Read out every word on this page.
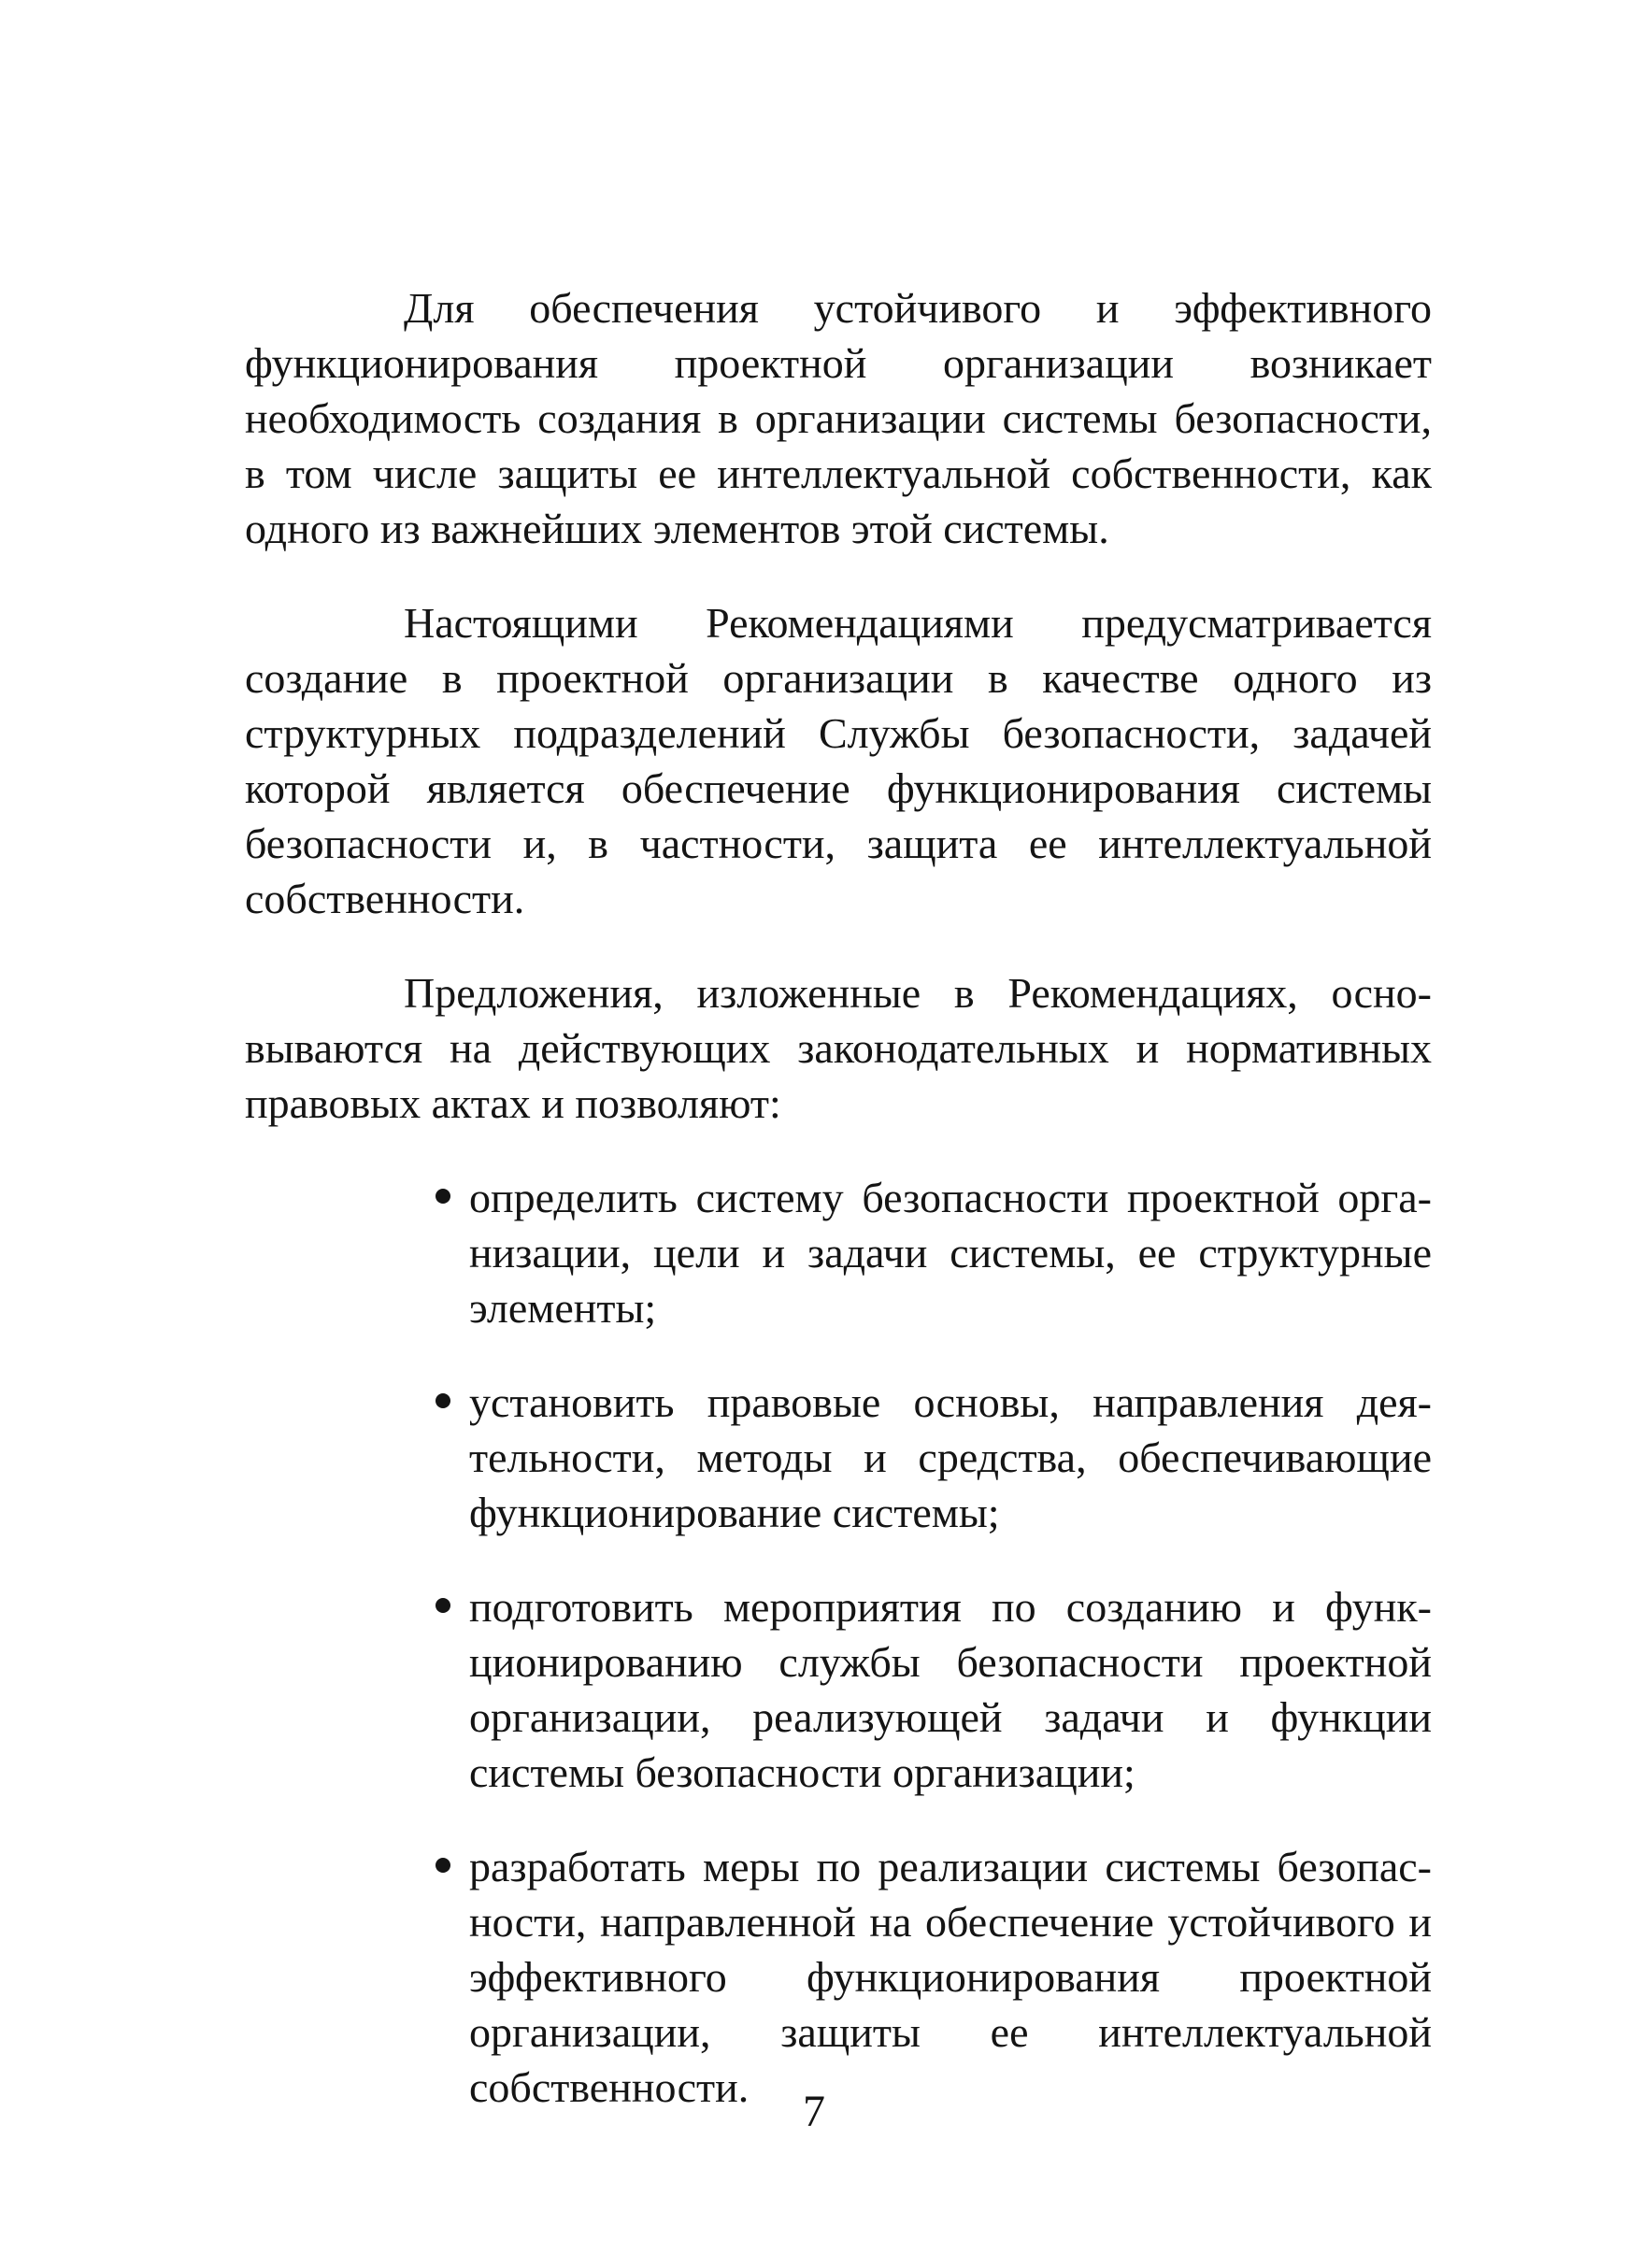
Для обеспечения устойчивого и эффективного функционирования проектной организации возникает необходимость создания в организации системы безопасности, в том числе защиты ее интеллектуальной собственности, как одного из важнейших элементов этой системы.

Настоящими Рекомендациями предусматривается создание в проектной организации в качестве одного из структурных подразделений Службы безопасности, задачей которой является обеспечение функционирования системы безопасности и, в частности, защита ее интеллектуальной собственности.

Предложения, изложенные в Рекомендациях, основываются на действующих законодательных и нормативных правовых актах и позволяют:

определить систему безопасности проектной организации, цели и задачи системы, ее структурные элементы;
установить правовые основы, направления деятельности, методы и средства, обеспечивающие функционирование системы;
подготовить мероприятия по созданию и функционированию службы безопасности проектной организации, реализующей задачи и функции системы безопасности организации;
разработать меры по реализации системы безопасности, направленной на обеспечение устойчивого и эффективного функционирования проектной организации, защиты ее интеллектуальной собственности.	7
